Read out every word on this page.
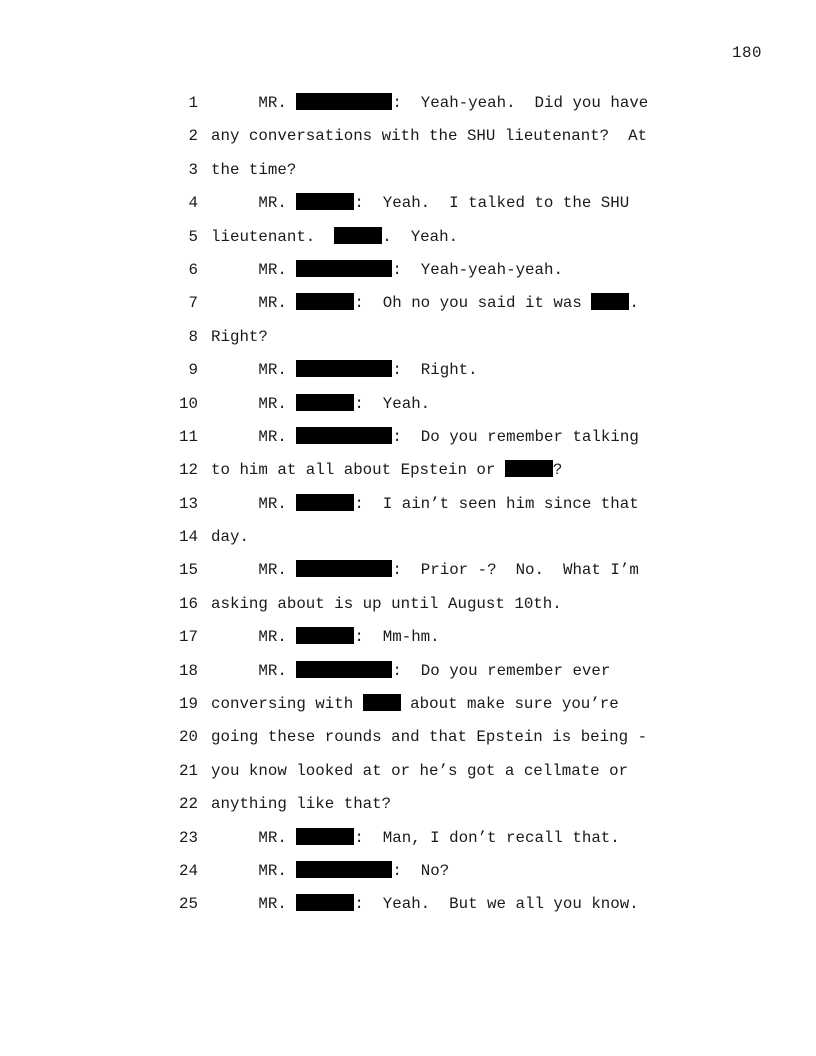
180
1 MR.	:  Yeah-yeah.  Did you have
2 any conversations with the SHU lieutenant?  At
3 the time?
4 MR.	:  Yeah.  I talked to the SHU
5 lieutenant.	.  Yeah.
6 MR.	:  Yeah-yeah-yeah.
7 MR.	:  Oh no you said it was .
8 Right?
9 MR.	:  Right.
10 MR.	:  Yeah.
11 MR.	:  Do you remember talking
12 to him at all about Epstein or	?
13 MR.	:  I ain’t seen him since that
14 day.
15 MR.	:  Prior -?  No.  What I’m
16 asking about is up until August 10th.
17 MR.	:  Mm-hm.
18 MR.	:  Do you remember ever
19 conversing with  about make sure you’re
20 going these rounds and that Epstein is being -
21 you know looked at or he’s got a cellmate or
22 anything like that?
23 MR.	:  Man, I don’t recall that.
24 MR.	:  No?
25 MR.	:  Yeah.  But we all you know.
